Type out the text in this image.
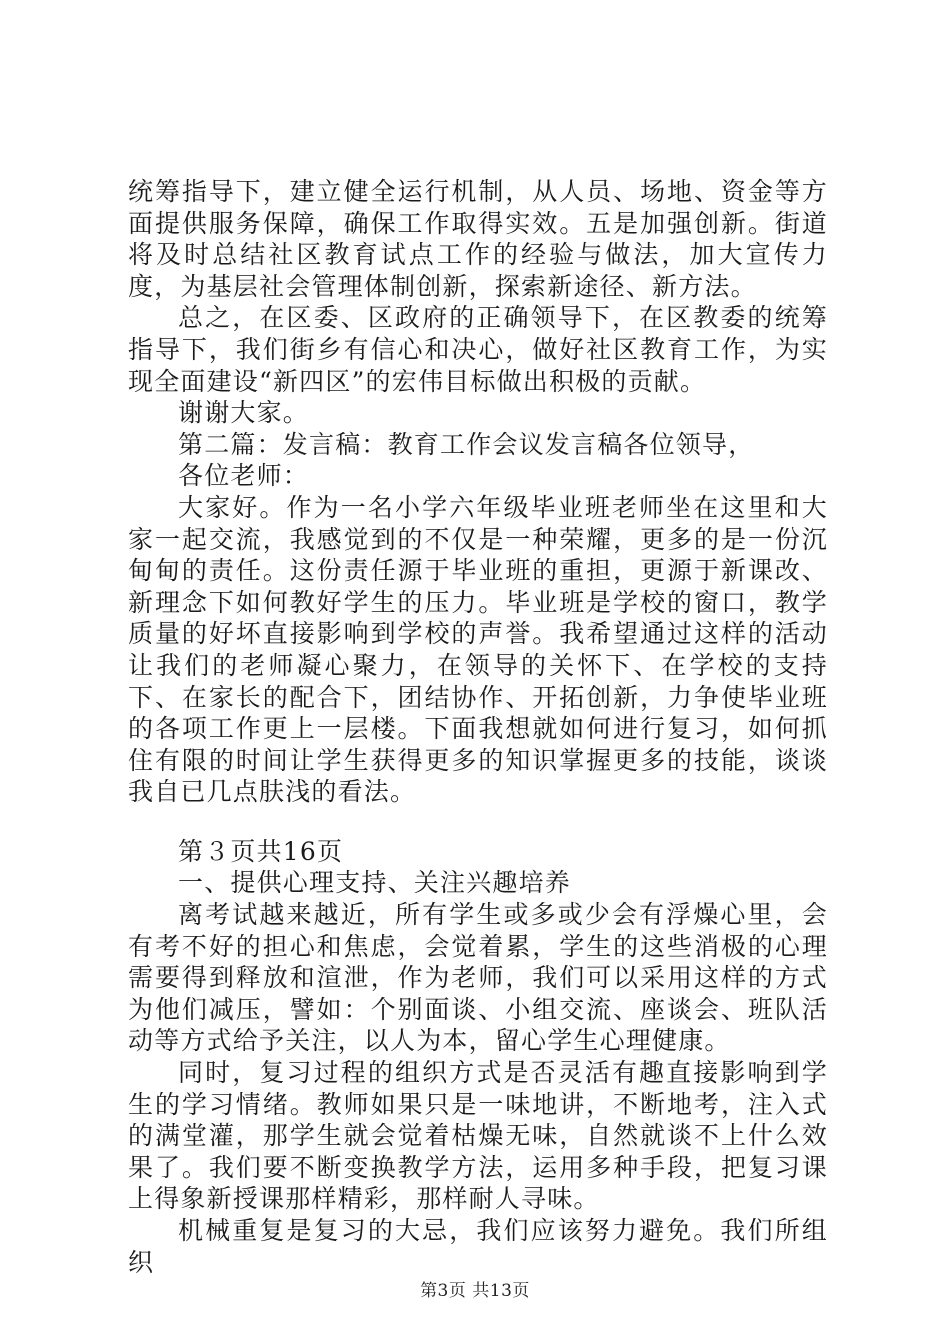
统筹指导下，建立健全运行机制，从人员、场地、资金等方面提供服务保障，确保工作取得实效。五是加强创新。街道将及时总结社区教育试点工作的经验与做法，加大宣传力度，为基层社会管理体制创新，探索新途径、新方法。

总之，在区委、区政府的正确领导下，在区教委的统筹指导下，我们街乡有信心和决心，做好社区教育工作，为实现全面建设“新四区”的宏伟目标做出积极的贡献。

谢谢大家。

第二篇：发言稿：教育工作会议发言稿各位领导，

各位老师：

大家好。作为一名小学六年级毕业班老师坐在这里和大家一起交流，我感觉到的不仅是一种荣耀，更多的是一份沉甸甸的责任。这份责任源于毕业班的重担，更源于新课改、新理念下如何教好学生的压力。毕业班是学校的窗口，教学质量的好坏直接影响到学校的声誉。我希望通过这样的活动让我们的老师凝心聚力，在领导的关怀下、在学校的支持下、在家长的配合下，团结协作、开拓创新，力争使毕业班的各项工作更上一层楼。下面我想就如何进行复习，如何抓住有限的时间让学生获得更多的知识掌握更多的技能，谈谈我自已几点肤浅的看法。

第３页共16页

一、提供心理支持、关注兴趣培养

离考试越来越近，所有学生或多或少会有浮燥心里，会有考不好的担心和焦虑，会觉着累，学生的这些消极的心理需要得到释放和渲泄，作为老师，我们可以采用这样的方式为他们减压，譬如：个别面谈、小组交流、座谈会、班队活动等方式给予关注，以人为本，留心学生心理健康。

同时，复习过程的组织方式是否灵活有趣直接影响到学生的学习情绪。教师如果只是一味地讲，不断地考，注入式的满堂灌，那学生就会觉着枯燥无味，自然就谈不上什么效果了。我们要不断变换教学方法，运用多种手段，把复习课上得象新授课那样精彩，那样耐人寻味。

机械重复是复习的大忌，我们应该努力避免。我们所组织

第3页 共13页
